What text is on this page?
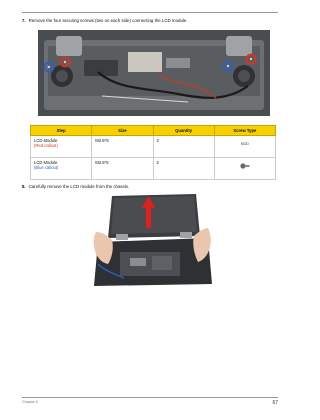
7. Remove the four securing screws (two on each side) connecting the LCD module.
Step	Size	Quantity	Screw Type
LCD Module
(Red callout)	M2.5*9	2	NOD

LCD Module
(Blue callout)	M2.5*5	2	
8. Carefully remove the LCD module from the chassis.
Chapter 3	67
